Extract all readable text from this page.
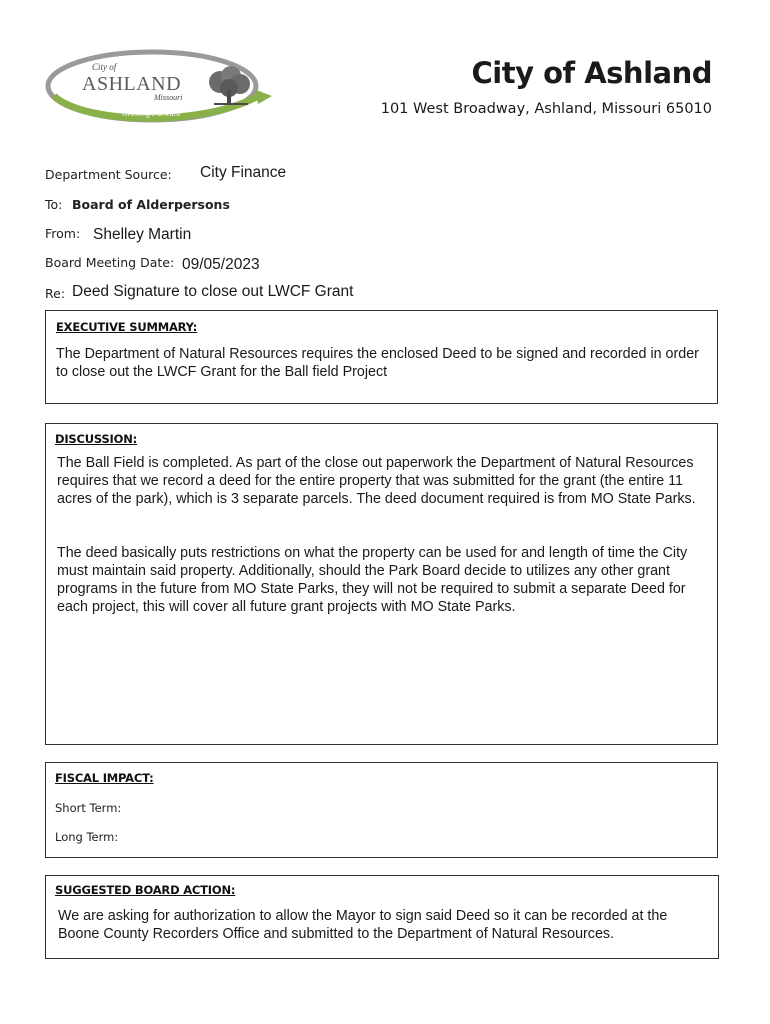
City of
ASHLAND
Missouri
Growing Forward
City of Ashland
101 West Broadway, Ashland, Missouri 65010
Department Source: City Finance
To: Board of Alderpersons
From: Shelley Martin
Board Meeting Date: 09/05/2023
Re: Deed Signature to close out LWCF Grant
EXECUTIVE SUMMARY:
The Department of Natural Resources requires the enclosed Deed to be signed and recorded in order to close out the LWCF Grant for the Ball field Project
DISCUSSION:
The Ball Field is completed. As part of the close out paperwork the Department of Natural Resources requires that we record a deed for the entire property that was submitted for the grant (the entire 11 acres of the park), which is 3 separate parcels. The deed document required is from MO State Parks.
The deed basically puts restrictions on what the property can be used for and length of time the City must maintain said property. Additionally, should the Park Board decide to utilizes any other grant programs in the future from MO State Parks, they will not be required to submit a separate Deed for each project, this will cover all future grant projects with MO State Parks.
FISCAL IMPACT:
Short Term:
Long Term:
SUGGESTED BOARD ACTION:
We are asking for authorization to allow the Mayor to sign said Deed so it can be recorded at the Boone County Recorders Office and submitted to the Department of Natural Resources.
